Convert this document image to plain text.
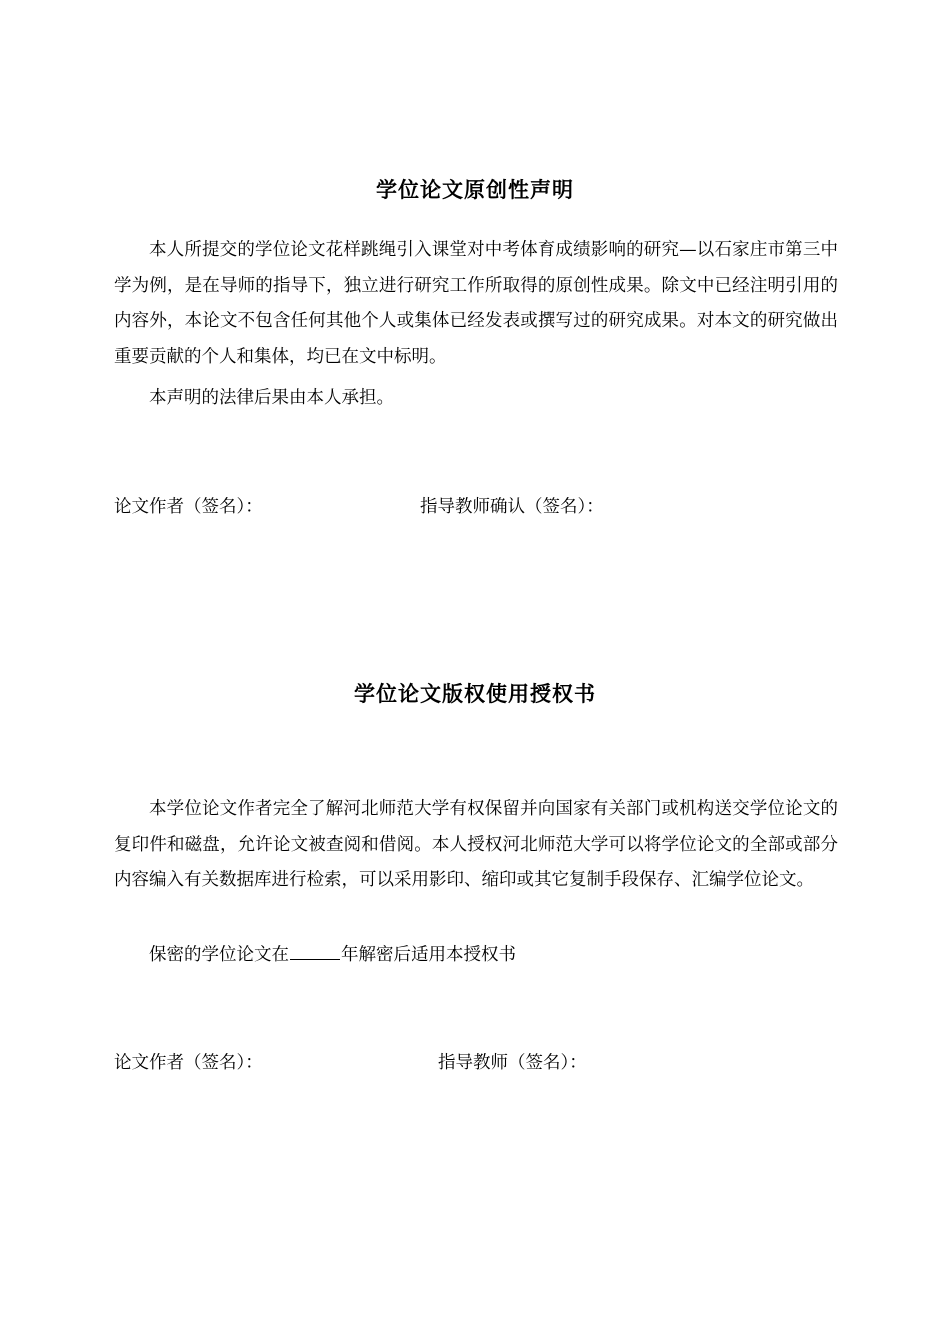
学位论文原创性声明

本人所提交的学位论文花样跳绳引入课堂对中考体育成绩影响的研究—以石家庄市第三中学为例，是在导师的指导下，独立进行研究工作所取得的原创性成果。除文中已经注明引用的内容外，本论文不包含任何其他个人或集体已经发表或撰写过的研究成果。对本文的研究做出重要贡献的个人和集体，均已在文中标明。

本声明的法律后果由本人承担。

论文作者（签名）：	指导教师确认（签名）：
学位论文版权使用授权书

本学位论文作者完全了解河北师范大学有权保留并向国家有关部门或机构送交学位论文的复印件和磁盘，允许论文被查阅和借阅。本人授权河北师范大学可以将学位论文的全部或部分内容编入有关数据库进行检索，可以采用影印、缩印或其它复制手段保存、汇编学位论文。

保密的学位论文在	年解密后适用本授权书

论文作者（签名）：	指导教师（签名）：
